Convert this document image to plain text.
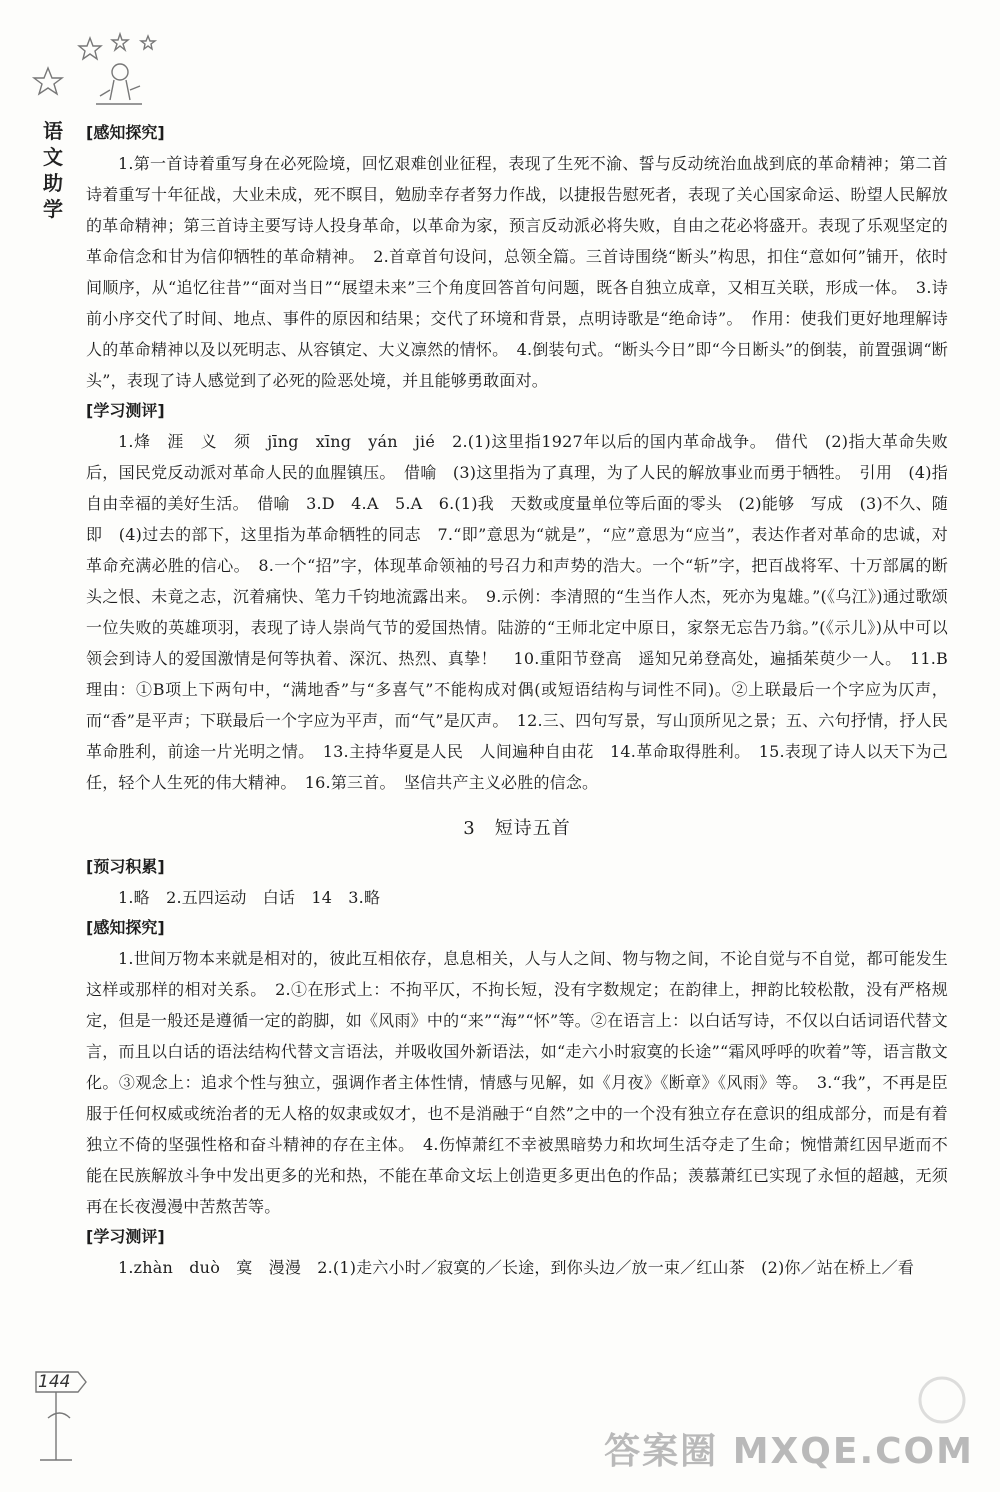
语
文
助
学

[感知探究]

1.第一首诗着重写身在必死险境，回忆艰难创业征程，表现了生死不渝、誓与反动统治血战到底的革命精神；第二首诗着重写十年征战，大业未成，死不瞑目，勉励幸存者努力作战，以捷报告慰死者，表现了关心国家命运、盼望人民解放的革命精神；第三首诗主要写诗人投身革命，以革命为家，预言反动派必将失败，自由之花必将盛开。表现了乐观坚定的革命信念和甘为信仰牺牲的革命精神。　2.首章首句设问，总领全篇。三首诗围绕“断头”构思，扣住“意如何”铺开，依时间顺序，从“追忆往昔”“面对当日”“展望未来”三个角度回答首句问题，既各自独立成章，又相互关联，形成一体。　3.诗前小序交代了时间、地点、事件的原因和结果；交代了环境和背景，点明诗歌是“绝命诗”。　作用：使我们更好地理解诗人的革命精神以及以死明志、从容镇定、大义凛然的情怀。　4.倒装句式。“断头今日”即“今日断头”的倒装，前置强调“断头”，表现了诗人感觉到了必死的险恶处境，并且能够勇敢面对。

[学习测评]

1.烽　涯　义　须　jīng　xīng　yán　jié　2.(1)这里指1927年以后的国内革命战争。　借代　(2)指大革命失败后，国民党反动派对革命人民的血腥镇压。　借喻　(3)这里指为了真理，为了人民的解放事业而勇于牺牲。　引用　(4)指自由幸福的美好生活。　借喻　3.D　4.A　5.A　6.(1)我　天数或度量单位等后面的零头　(2)能够　写成　(3)不久、随即　(4)过去的部下，这里指为革命牺牲的同志　7.“即”意思为“就是”，“应”意思为“应当”，表达作者对革命的忠诚，对革命充满必胜的信心。　8.一个“招”字，体现革命领袖的号召力和声势的浩大。一个“斩”字，把百战将军、十万部属的断头之恨、未竟之志，沉着痛快、笔力千钧地流露出来。　9.示例：李清照的“生当作人杰，死亦为鬼雄。”(《乌江》)通过歌颂一位失败的英雄项羽，表现了诗人崇尚气节的爱国热情。陆游的“王师北定中原日，家祭无忘告乃翁。”(《示儿》)从中可以领会到诗人的爱国激情是何等执着、深沉、热烈、真挚！　10.重阳节登高　遥知兄弟登高处，遍插茱萸少一人。　11.B　理由：①B项上下两句中，“满地香”与“多喜气”不能构成对偶(或短语结构与词性不同)。②上联最后一个字应为仄声，而“香”是平声；下联最后一个字应为平声，而“气”是仄声。　12.三、四句写景，写山顶所见之景；五、六句抒情，抒人民革命胜利，前途一片光明之情。　13.主持华夏是人民　人间遍种自由花　14.革命取得胜利。　15.表现了诗人以天下为己任，轻个人生死的伟大精神。　16.第三首。　坚信共产主义必胜的信念。

3　短诗五首

[预习积累]

1.略　2.五四运动　白话　14　3.略

[感知探究]

1.世间万物本来就是相对的，彼此互相依存，息息相关，人与人之间、物与物之间，不论自觉与不自觉，都可能发生这样或那样的相对关系。　2.①在形式上：不拘平仄，不拘长短，没有字数规定；在韵律上，押韵比较松散，没有严格规定，但是一般还是遵循一定的韵脚，如《风雨》中的“来”“海”“怀”等。②在语言上：以白话写诗，不仅以白话词语代替文言，而且以白话的语法结构代替文言语法，并吸收国外新语法，如“走六小时寂寞的长途”“霜风呼呼的吹着”等，语言散文化。③观念上：追求个性与独立，强调作者主体性情，情感与见解，如《月夜》《断章》《风雨》等。　3.“我”，不再是臣服于任何权威或统治者的无人格的奴隶或奴才，也不是消融于“自然”之中的一个没有独立存在意识的组成部分，而是有着独立不倚的坚强性格和奋斗精神的存在主体。　4.伤悼萧红不幸被黑暗势力和坎坷生活夺走了生命；惋惜萧红因早逝而不能在民族解放斗争中发出更多的光和热，不能在革命文坛上创造更多更出色的作品；羡慕萧红已实现了永恒的超越，无须再在长夜漫漫中苦熬苦等。

[学习测评]

1.zhàn　duò　寞　漫漫　2.(1)走六小时／寂寞的／长途，到你头边／放一束／红山茶　(2)你／站在桥上／看

144
答案圈 MXQE.COM
